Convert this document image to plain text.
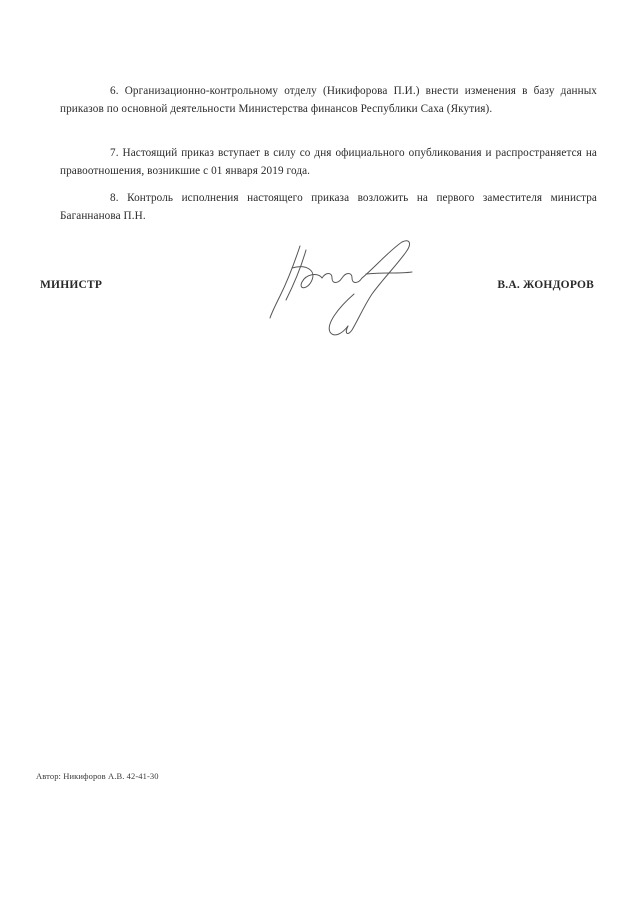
6. Организационно-контрольному отделу (Никифорова П.И.) внести изменения в базу данных приказов по основной деятельности Министерства финансов Республики Саха (Якутия).

7. Настоящий приказ вступает в силу со дня официального опубликования и распространяется на правоотношения, возникшие с 01 января 2019 года.

8. Контроль исполнения настоящего приказа возложить на первого заместителя министра Баганнанова П.Н.

МИНИСТР	В.А. ЖОНДОРОВ
Автор: Никифоров А.В. 42-41-30
